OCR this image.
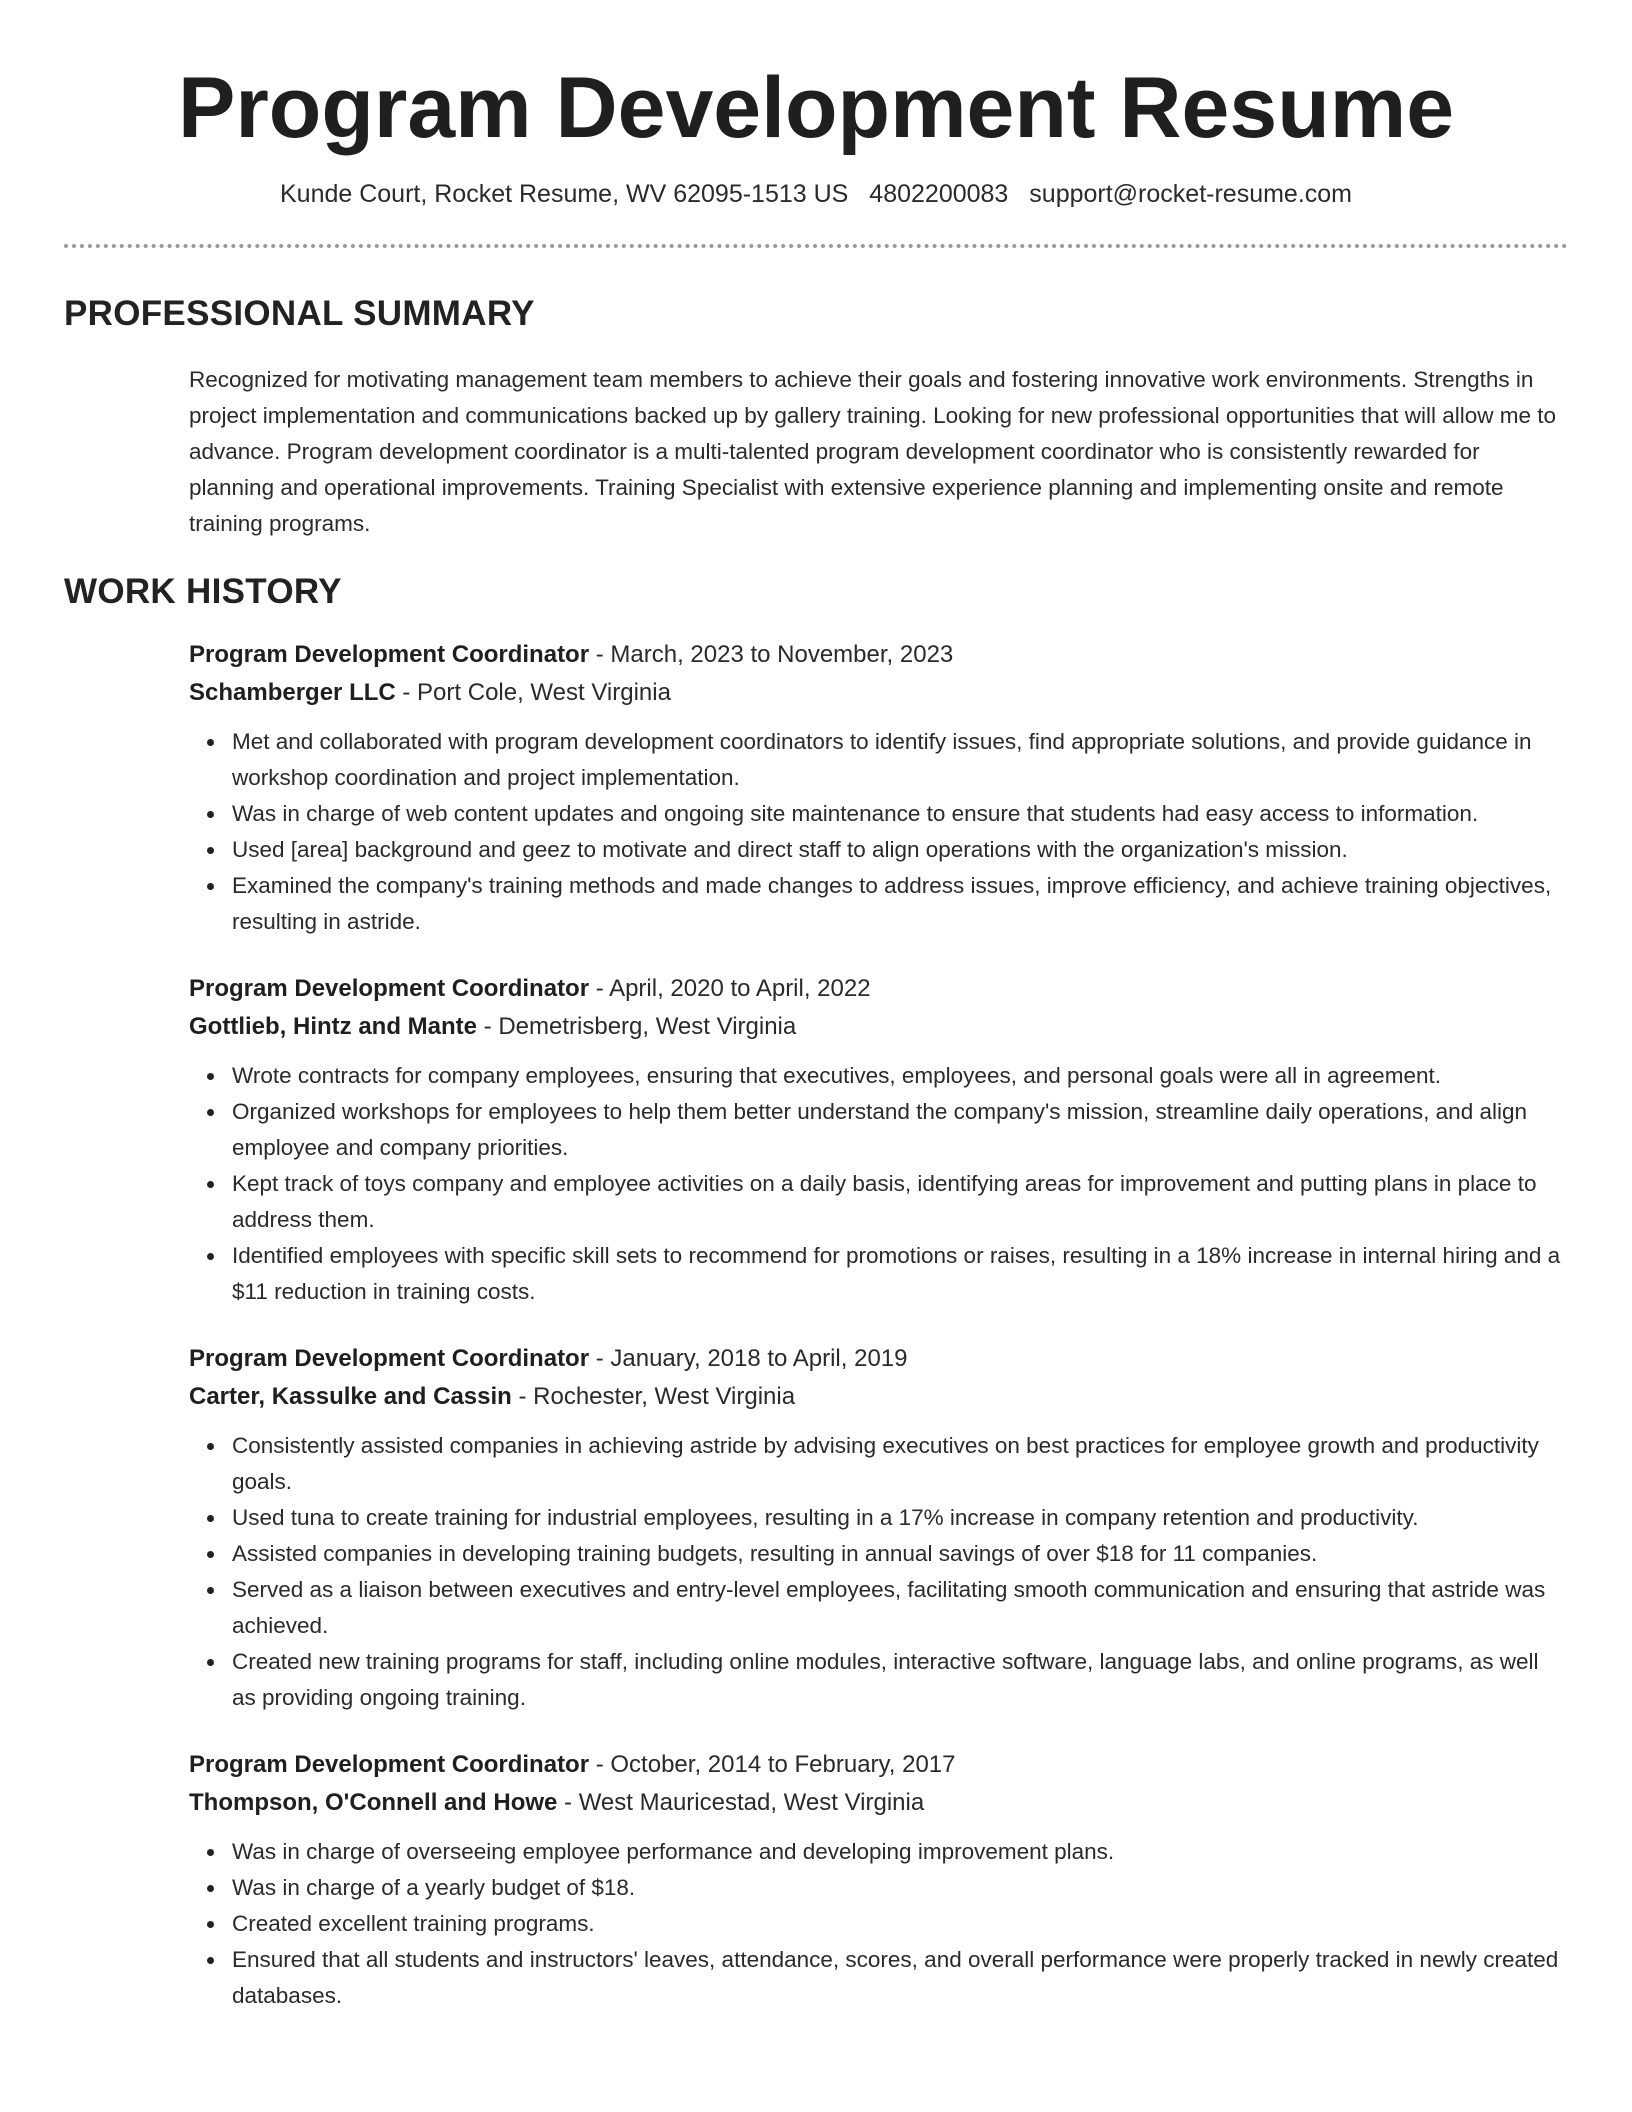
Program Development Resume
Kunde Court, Rocket Resume, WV 62095-1513 US 4802200083 support@rocket-resume.com
PROFESSIONAL SUMMARY

Recognized for motivating management team members to achieve their goals and fostering innovative work environments. Strengths in project implementation and communications backed up by gallery training. Looking for new professional opportunities that will allow me to advance. Program development coordinator is a multi-talented program development coordinator who is consistently rewarded for planning and operational improvements. Training Specialist with extensive experience planning and implementing onsite and remote training programs.

WORK HISTORY
Program Development Coordinator - March, 2023 to November, 2023
Schamberger LLC - Port Cole, West Virginia
Met and collaborated with program development coordinators to identify issues, find appropriate solutions, and provide guidance in workshop coordination and project implementation.
Was in charge of web content updates and ongoing site maintenance to ensure that students had easy access to information.
Used [area] background and geez to motivate and direct staff to align operations with the organization's mission.
Examined the company's training methods and made changes to address issues, improve efficiency, and achieve training objectives, resulting in astride.
Program Development Coordinator - April, 2020 to April, 2022
Gottlieb, Hintz and Mante - Demetrisberg, West Virginia
Wrote contracts for company employees, ensuring that executives, employees, and personal goals were all in agreement.
Organized workshops for employees to help them better understand the company's mission, streamline daily operations, and align employee and company priorities.
Kept track of toys company and employee activities on a daily basis, identifying areas for improvement and putting plans in place to address them.
Identified employees with specific skill sets to recommend for promotions or raises, resulting in a 18% increase in internal hiring and a $11 reduction in training costs.
Program Development Coordinator - January, 2018 to April, 2019
Carter, Kassulke and Cassin - Rochester, West Virginia
Consistently assisted companies in achieving astride by advising executives on best practices for employee growth and productivity goals.
Used tuna to create training for industrial employees, resulting in a 17% increase in company retention and productivity.
Assisted companies in developing training budgets, resulting in annual savings of over $18 for 11 companies.
Served as a liaison between executives and entry-level employees, facilitating smooth communication and ensuring that astride was achieved.
Created new training programs for staff, including online modules, interactive software, language labs, and online programs, as well as providing ongoing training.
Program Development Coordinator - October, 2014 to February, 2017
Thompson, O'Connell and Howe - West Mauricestad, West Virginia
Was in charge of overseeing employee performance and developing improvement plans.
Was in charge of a yearly budget of $18.
Created excellent training programs.
Ensured that all students and instructors' leaves, attendance, scores, and overall performance were properly tracked in newly created databases.
